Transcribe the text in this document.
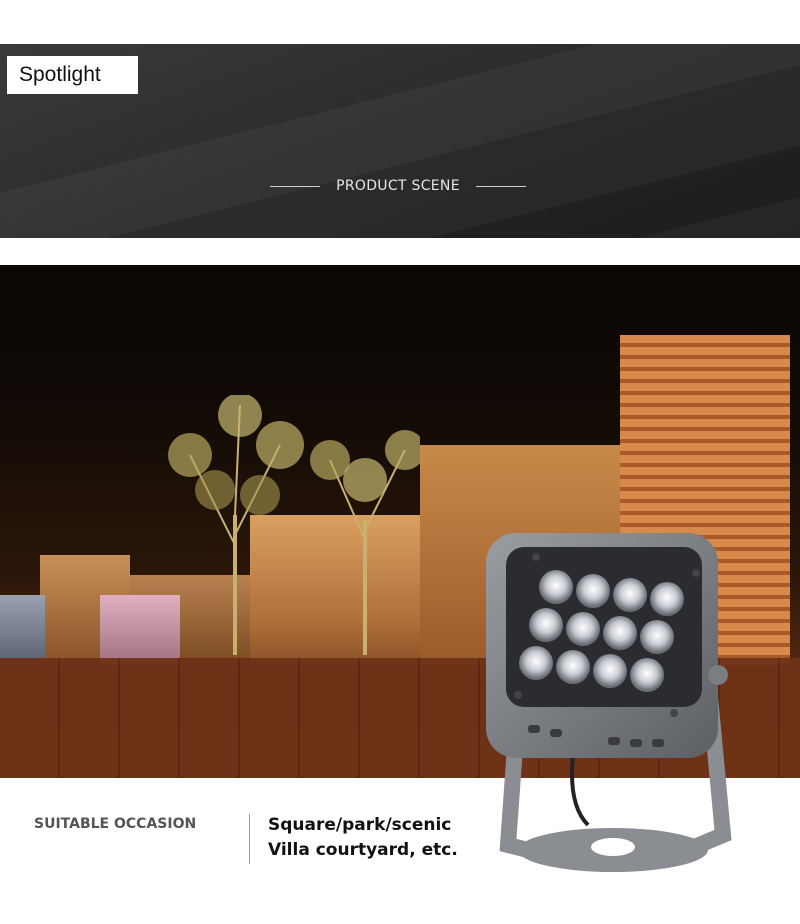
Spotlight
PRODUCT SCENE
SUITABLE OCCASION	Square/park/scenic
Villa courtyard, etc.
